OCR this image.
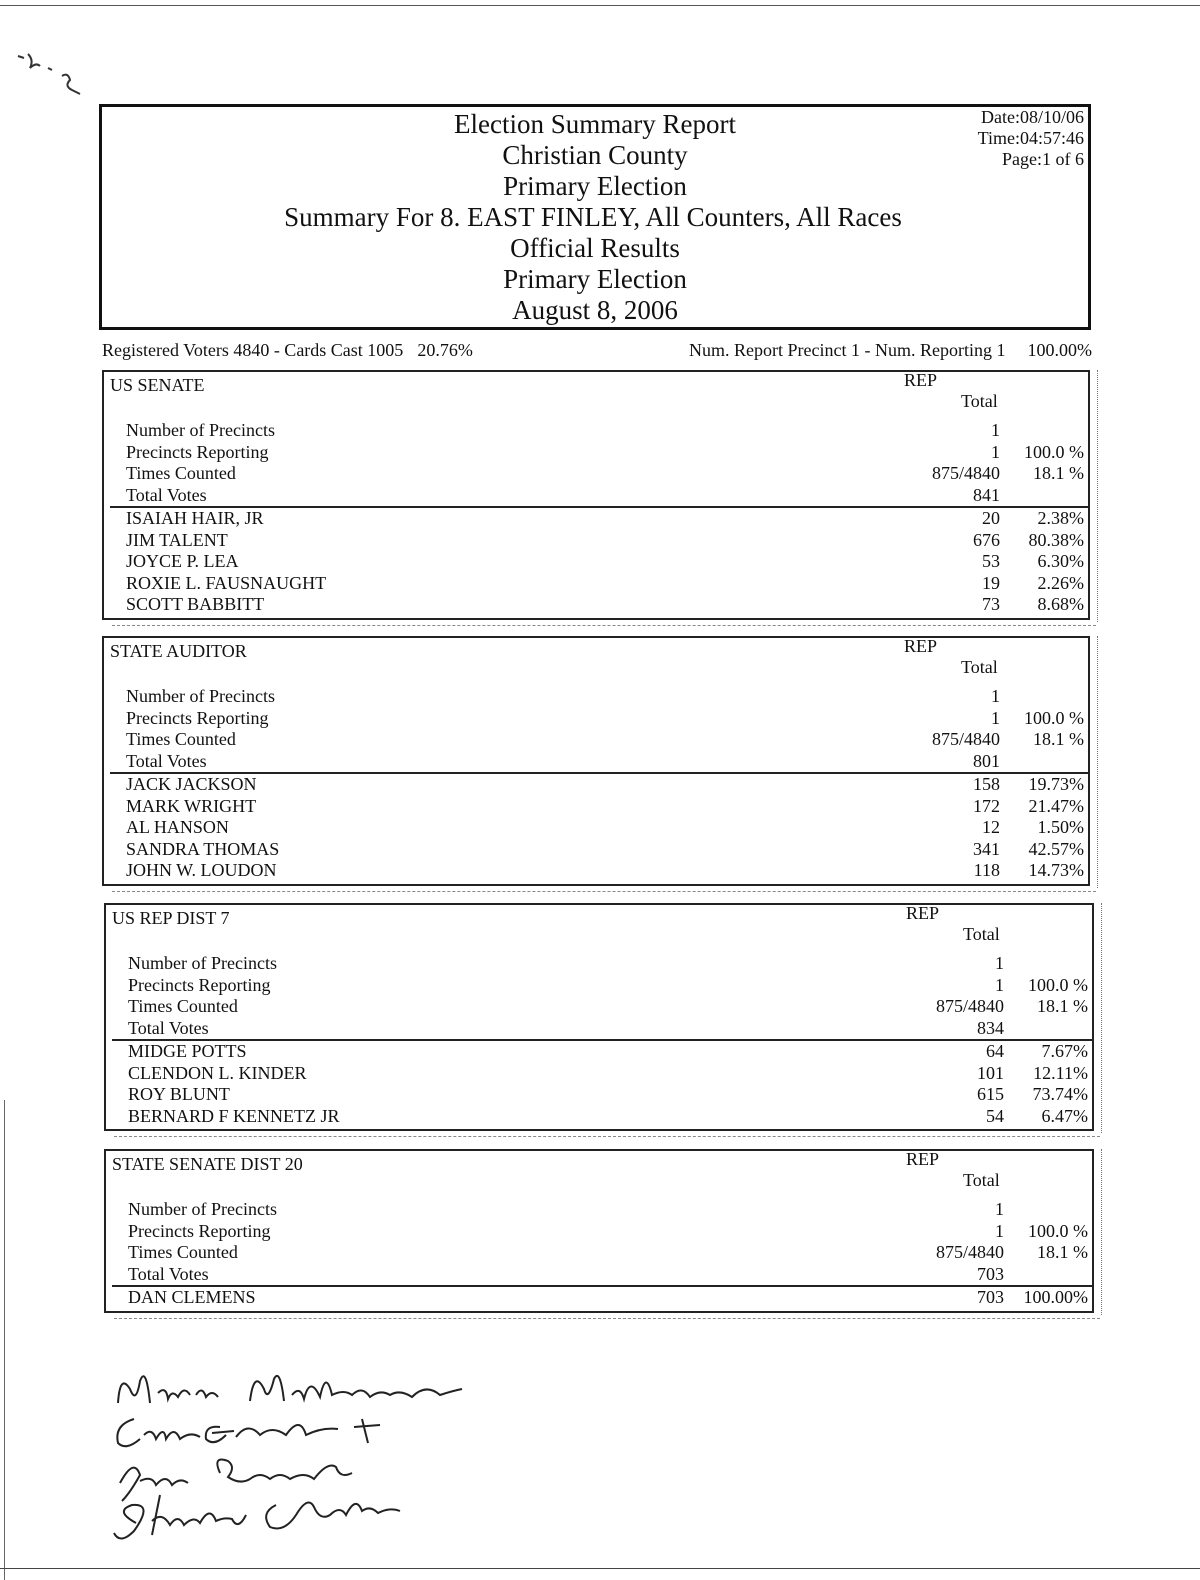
Election Summary Report
Christian County
Primary Election
Summary For 8. EAST FINLEY, All Counters, All Races
Official Results
Primary Election
August 8, 2006
Date:08/10/06
Time:04:57:46
Page:1 of 6
Registered Voters 4840 - Cards Cast 1005 20.76%	Num. Report Precinct 1 - Num. Reporting 1 100.00%
US SENATE	REP
Total
Number of Precincts	1
Precincts Reporting	1 100.0 %
Times Counted	875/4840 18.1 %
Total Votes	841
ISAIAH HAIR, JR	20 2.38%
JIM TALENT	676 80.38%
JOYCE P. LEA	53 6.30%
ROXIE L. FAUSNAUGHT	19 2.26%
SCOTT BABBITT	73 8.68%
STATE AUDITOR	REP
Total
Number of Precincts	1
Precincts Reporting	1 100.0 %
Times Counted	875/4840 18.1 %
Total Votes	801
JACK JACKSON	158 19.73%
MARK WRIGHT	172 21.47%
AL HANSON	12 1.50%
SANDRA THOMAS	341 42.57%
JOHN W. LOUDON	118 14.73%
US REP DIST 7	REP
Total
Number of Precincts	1
Precincts Reporting	1 100.0 %
Times Counted	875/4840 18.1 %
Total Votes	834
MIDGE POTTS	64 7.67%
CLENDON L. KINDER	101 12.11%
ROY BLUNT	615 73.74%
BERNARD F KENNETZ JR	54 6.47%
STATE SENATE DIST 20	REP
Total
Number of Precincts	1
Precincts Reporting	1 100.0 %
Times Counted	875/4840 18.1 %
Total Votes	703
DAN CLEMENS	703 100.00%
